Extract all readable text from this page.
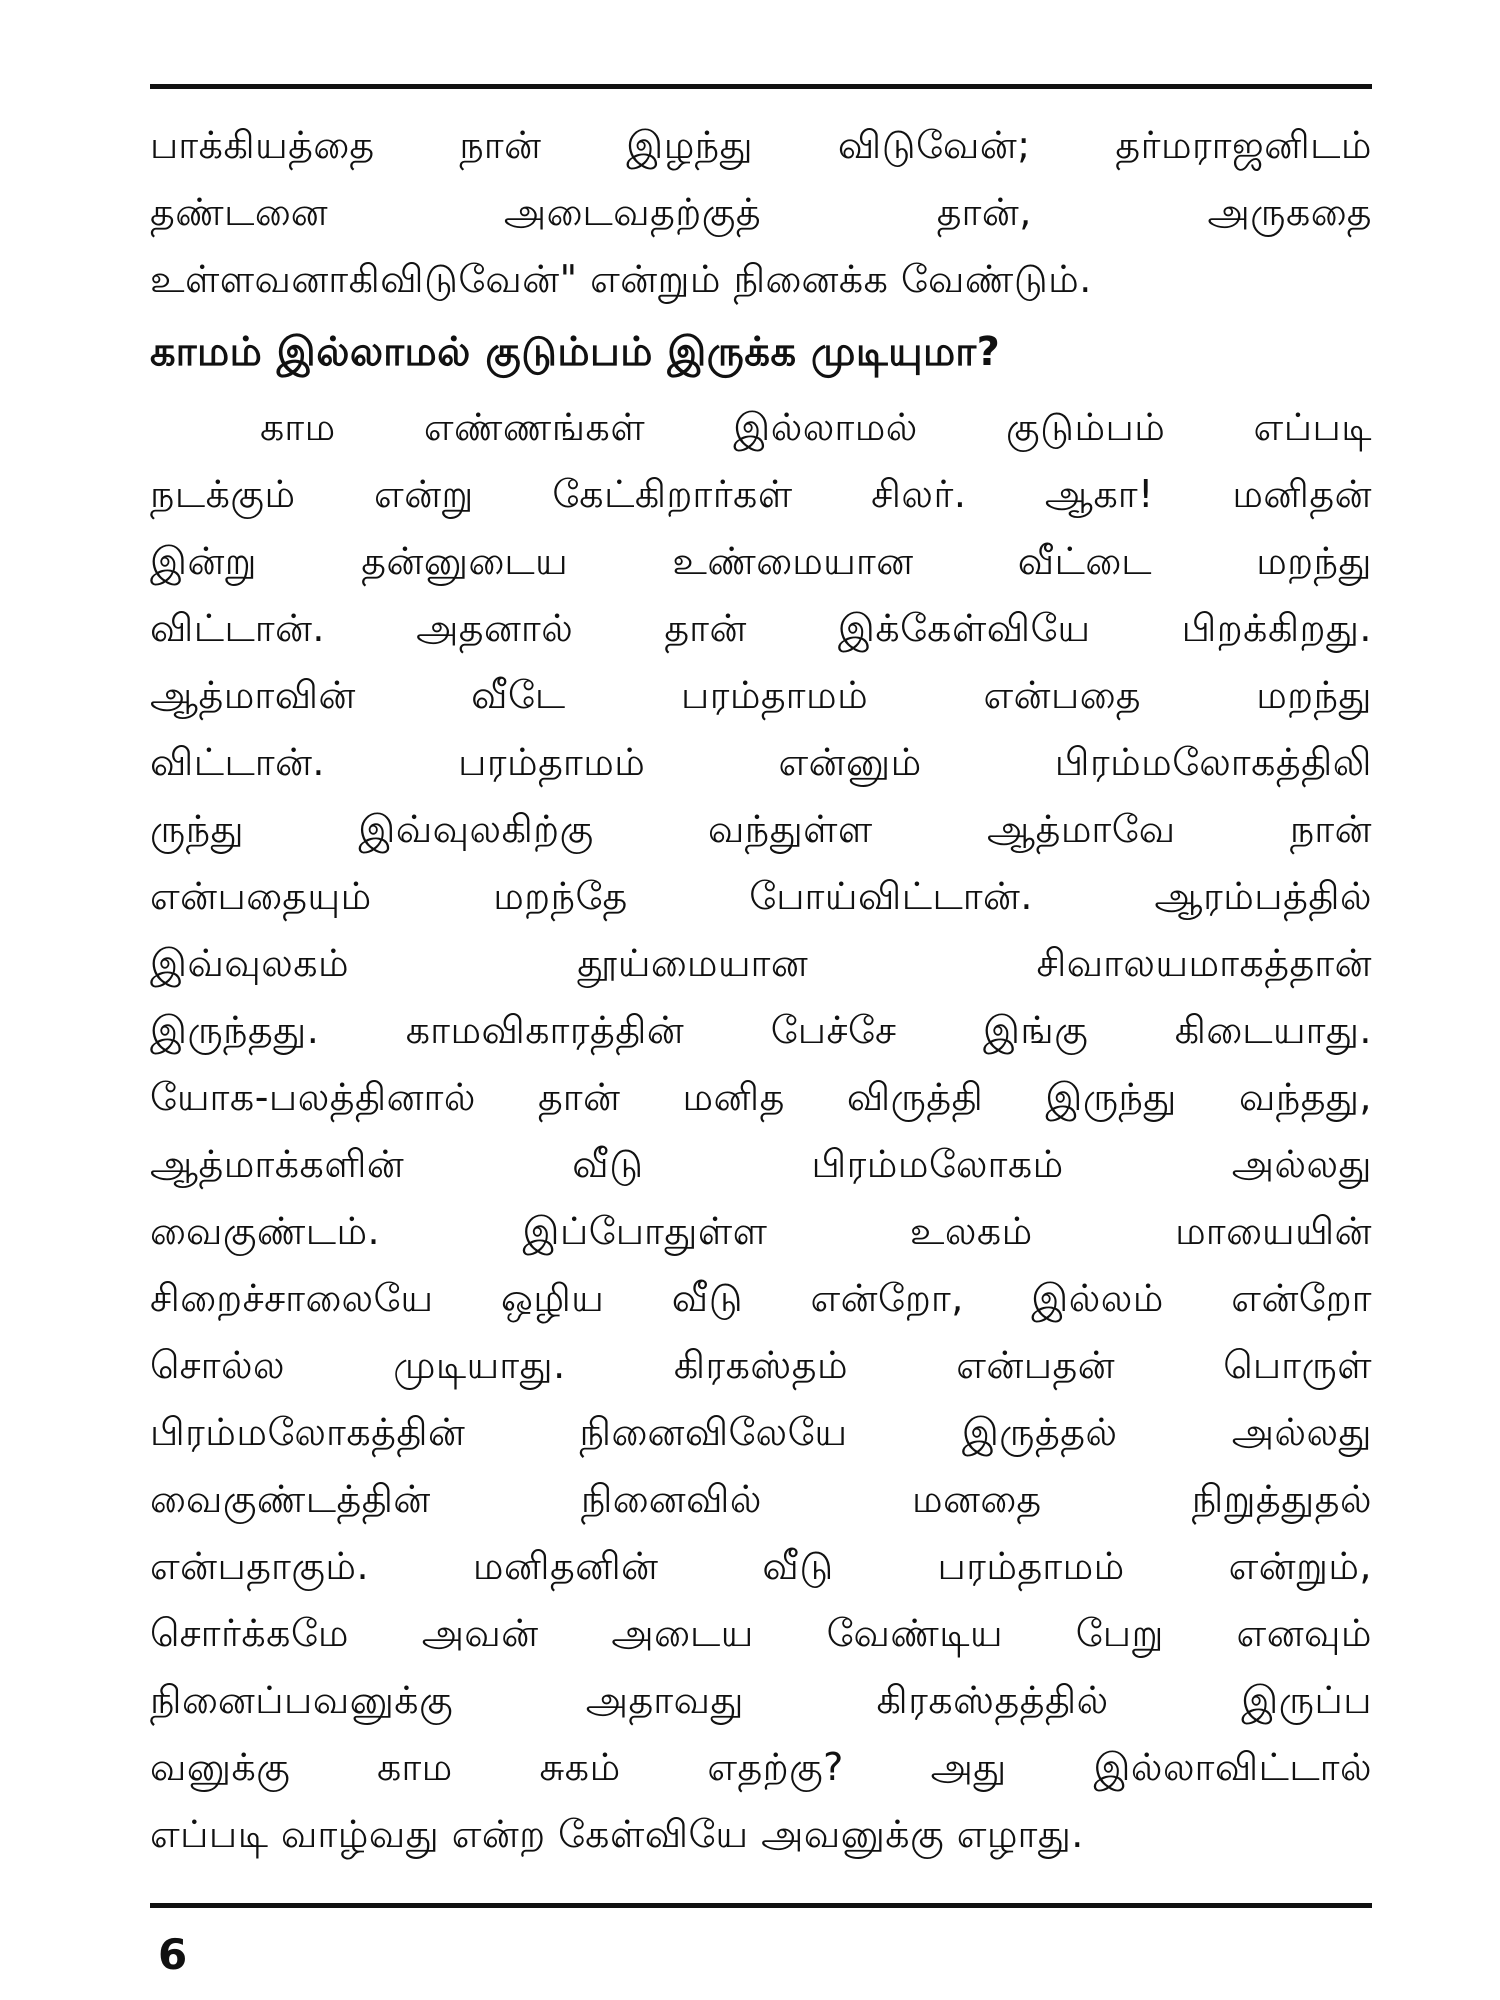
பாக்கியத்தை நான் இழந்து விடுவேன்; தர்மராஜனிடம்
தண்டனை அடைவதற்குத் தான், அருகதை
உள்ளவனாகிவிடுவேன்" என்றும் நினைக்க வேண்டும்.
காமம் இல்லாமல் குடும்பம் இருக்க முடியுமா?
காம எண்ணங்கள் இல்லாமல் குடும்பம் எப்படி
நடக்கும் என்று கேட்கிறார்கள் சிலர். ஆகா! மனிதன்
இன்று தன்னுடைய உண்மையான வீட்டை மறந்து
விட்டான். அதனால் தான் இக்கேள்வியே பிறக்கிறது.
ஆத்மாவின் வீடே பரம்தாமம் என்பதை மறந்து
விட்டான். பரம்தாமம் என்னும் பிரம்மலோகத்திலி
ருந்து இவ்வுலகிற்கு வந்துள்ள ஆத்மாவே நான்
என்பதையும் மறந்தே போய்விட்டான். ஆரம்பத்தில்
இவ்வுலகம் தூய்மையான சிவாலயமாகத்தான்
இருந்தது. காமவிகாரத்தின் பேச்சே இங்கு கிடையாது.
யோக-பலத்தினால் தான் மனித விருத்தி இருந்து வந்தது,
ஆத்மாக்களின் வீடு பிரம்மலோகம் அல்லது
வைகுண்டம். இப்போதுள்ள உலகம் மாயையின்
சிறைச்சாலையே ஒழிய வீடு என்றோ, இல்லம் என்றோ
சொல்ல முடியாது. கிரகஸ்தம் என்பதன் பொருள்
பிரம்மலோகத்தின் நினைவிலேயே இருத்தல் அல்லது
வைகுண்டத்தின் நினைவில் மனதை நிறுத்துதல்
என்பதாகும். மனிதனின் வீடு பரம்தாமம் என்றும்,
சொர்க்கமே அவன் அடைய வேண்டிய பேறு எனவும்
நினைப்பவனுக்கு அதாவது கிரகஸ்தத்தில் இருப்ப
வனுக்கு காம சுகம் எதற்கு? அது இல்லாவிட்டால்
எப்படி வாழ்வது என்ற கேள்வியே அவனுக்கு எழாது.
6
